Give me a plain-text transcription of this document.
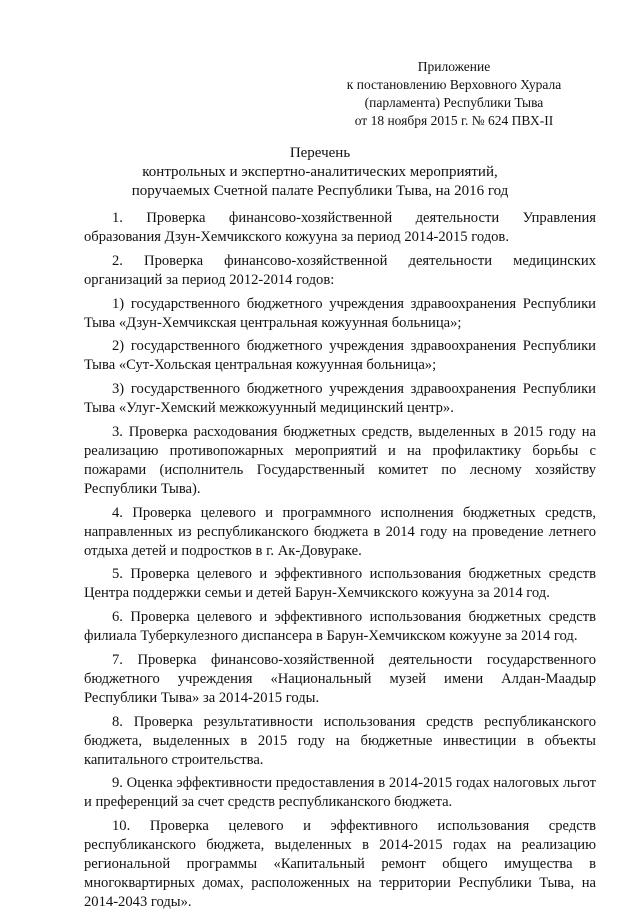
Приложение
к постановлению Верховного Хурала
(парламента) Республики Тыва
от 18 ноября 2015 г. № 624 ПВХ-II
Перечень
контрольных и экспертно-аналитических мероприятий,
поручаемых Счетной палате Республики Тыва, на 2016 год

1. Проверка финансово-хозяйственной деятельности Управления образования Дзун-Хемчикского кожууна за период 2014-2015 годов.

2. Проверка финансово-хозяйственной деятельности медицинских организаций за период 2012-2014 годов:

1) государственного бюджетного учреждения здравоохранения Республики Тыва «Дзун-Хемчикская центральная кожуунная больница»;

2) государственного бюджетного учреждения здравоохранения Республики Тыва «Сут-Хольская центральная кожуунная больница»;

3) государственного бюджетного учреждения здравоохранения Республики Тыва «Улуг-Хемский межкожуунный медицинский центр».

3. Проверка расходования бюджетных средств, выделенных в 2015 году на реализацию противопожарных мероприятий и на профилактику борьбы с пожарами (исполнитель Государственный комитет по лесному хозяйству Республики Тыва).

4. Проверка целевого и программного исполнения бюджетных средств, направленных из республиканского бюджета в 2014 году на проведение летнего отдыха детей и подростков в г. Ак-Довураке.

5. Проверка целевого и эффективного использования бюджетных средств Центра поддержки семьи и детей Барун-Хемчикского кожууна за 2014 год.

6. Проверка целевого и эффективного использования бюджетных средств филиала Туберкулезного диспансера в Барун-Хемчикском кожууне за 2014 год.

7. Проверка финансово-хозяйственной деятельности государственного бюджетного учреждения «Национальный музей имени Алдан-Маадыр Республики Тыва» за 2014-2015 годы.

8. Проверка результативности использования средств республиканского бюджета, выделенных в 2015 году на бюджетные инвестиции в объекты капитального строительства.

9. Оценка эффективности предоставления в 2014-2015 годах налоговых льгот и преференций за счет средств республиканского бюджета.

10. Проверка целевого и эффективного использования средств республиканского бюджета, выделенных в 2014-2015 годах на реализацию региональной программы «Капитальный ремонт общего имущества в многоквартирных домах, расположенных на территории Республики Тыва, на 2014-2043 годы».
